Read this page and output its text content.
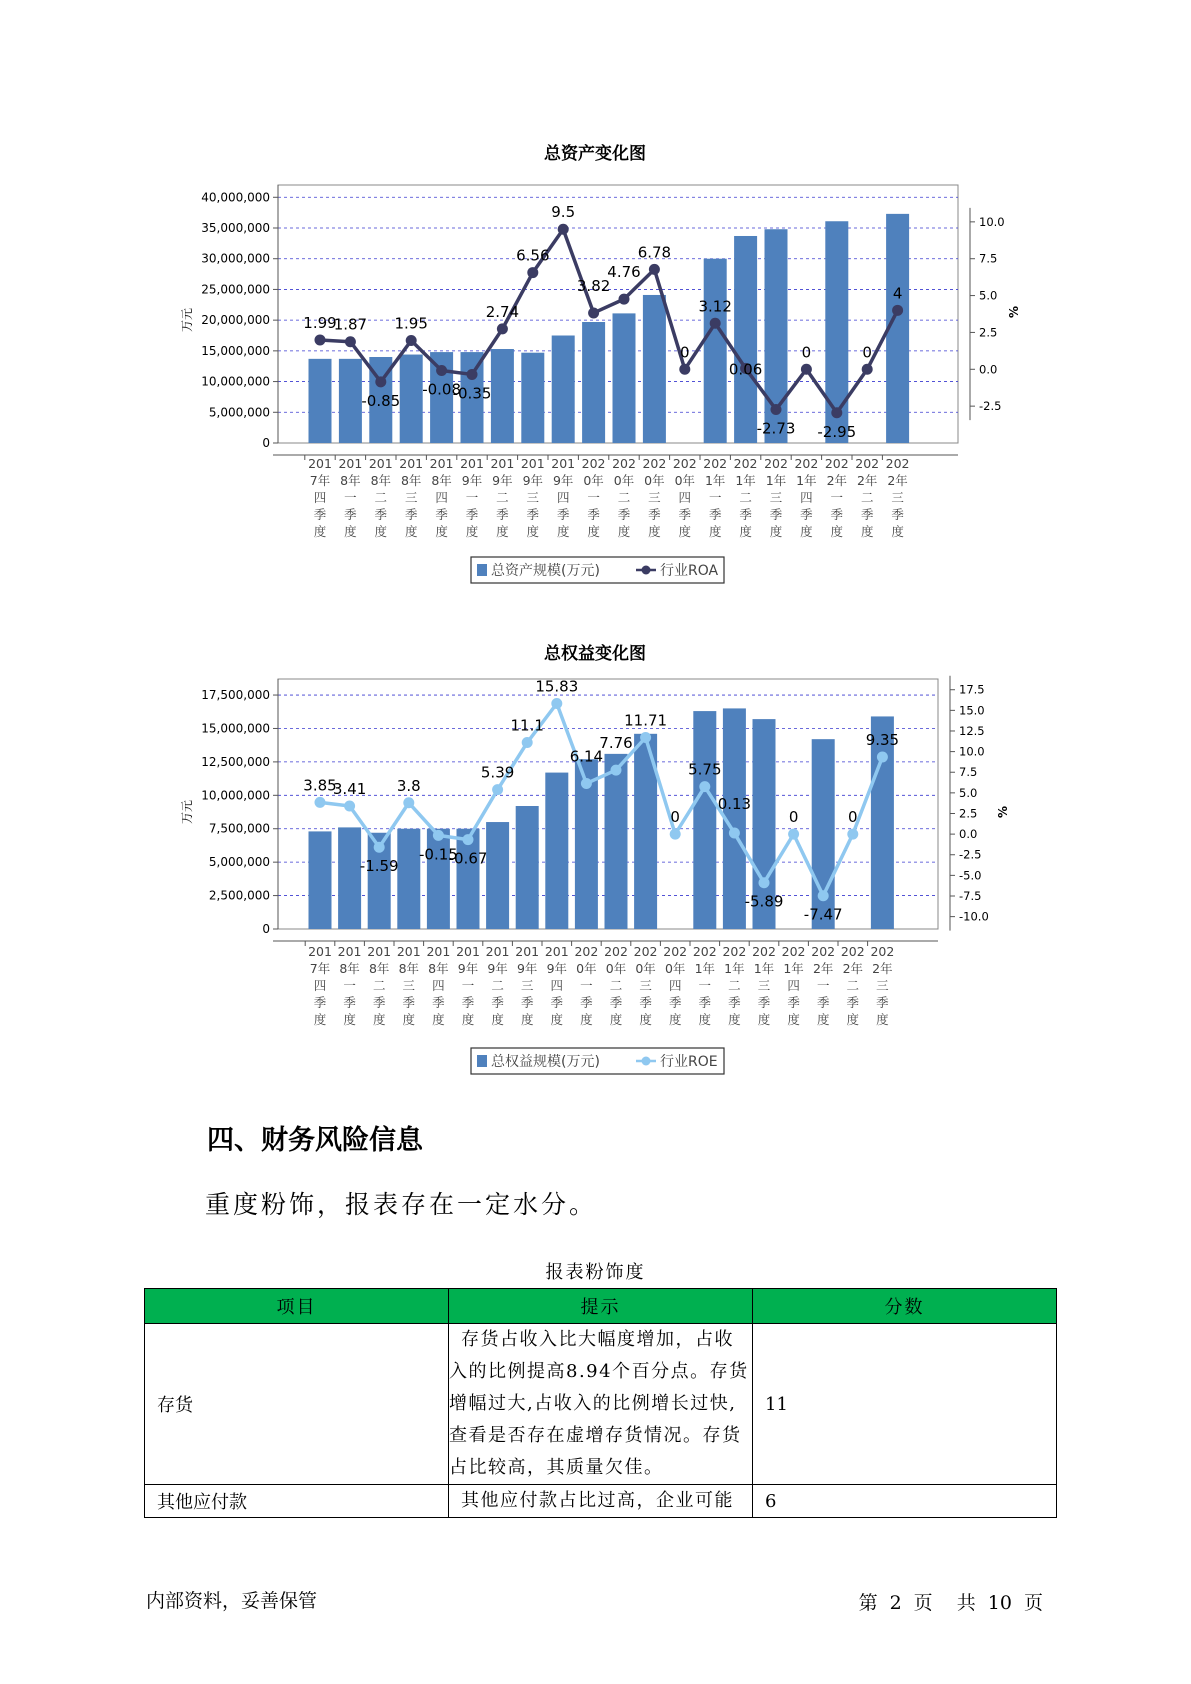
总资产变化图
1.99
1.87
-0.85
1.95
-0.08
-0.35
2.74
6.56
9.5
3.82
4.76
6.78
0
3.12
0.06
-2.73
0
-2.95
0
4
0
5,000,000
10,000,000
15,000,000
20,000,000
25,000,000
30,000,000
35,000,000
40,000,000
-2.5
0.0
2.5
5.0
7.5
10.0
201
7年
四
季
度
201
8年
一
季
度
201
8年
二
季
度
201
8年
三
季
度
201
8年
四
季
度
201
9年
一
季
度
201
9年
二
季
度
201
9年
三
季
度
201
9年
四
季
度
202
0年
一
季
度
202
0年
二
季
度
202
0年
三
季
度
202
0年
四
季
度
202
1年
一
季
度
202
1年
二
季
度
202
1年
三
季
度
202
1年
四
季
度
202
2年
一
季
度
202
2年
二
季
度
202
2年
三
季
度
万元	%
总资产规模(万元)	行业ROA
总权益变化图
3.85
3.41
-1.59
3.8
-0.15
-0.67
5.39
11.1
15.83
6.14
7.76
11.71
0
5.75
0.13
-5.89
0
-7.47
0
9.35
0
2,500,000
5,000,000
7,500,000
10,000,000
12,500,000
15,000,000
17,500,000
-10.0
-7.5
-5.0
-2.5
0.0
2.5
5.0
7.5
10.0
12.5
15.0
17.5
201
7年
四
季
度
201
8年
一
季
度
201
8年
二
季
度
201
8年
三
季
度
201
8年
四
季
度
201
9年
一
季
度
201
9年
二
季
度
201
9年
三
季
度
201
9年
四
季
度
202
0年
一
季
度
202
0年
二
季
度
202
0年
三
季
度
202
0年
四
季
度
202
1年
一
季
度
202
1年
二
季
度
202
1年
三
季
度
202
1年
四
季
度
202
2年
一
季
度
202
2年
二
季
度
202
2年
三
季
度
万元	%
总权益规模(万元)	行业ROE
四、财务风险信息
重度粉饰，报表存在一定水分。
报表粉饰度
项目	提示	分数
存货	存货占收入比大幅度增加，占收
入的比例提高8.94个百分点。存货
增幅过大,占收入的比例增长过快,
查看是否存在虚增存货情况。存货
占比较高，其质量欠佳。	11
其他应付款	其他应付款占比过高，企业可能	6
内部资料，妥善保管	第 2 页 共 10 页
